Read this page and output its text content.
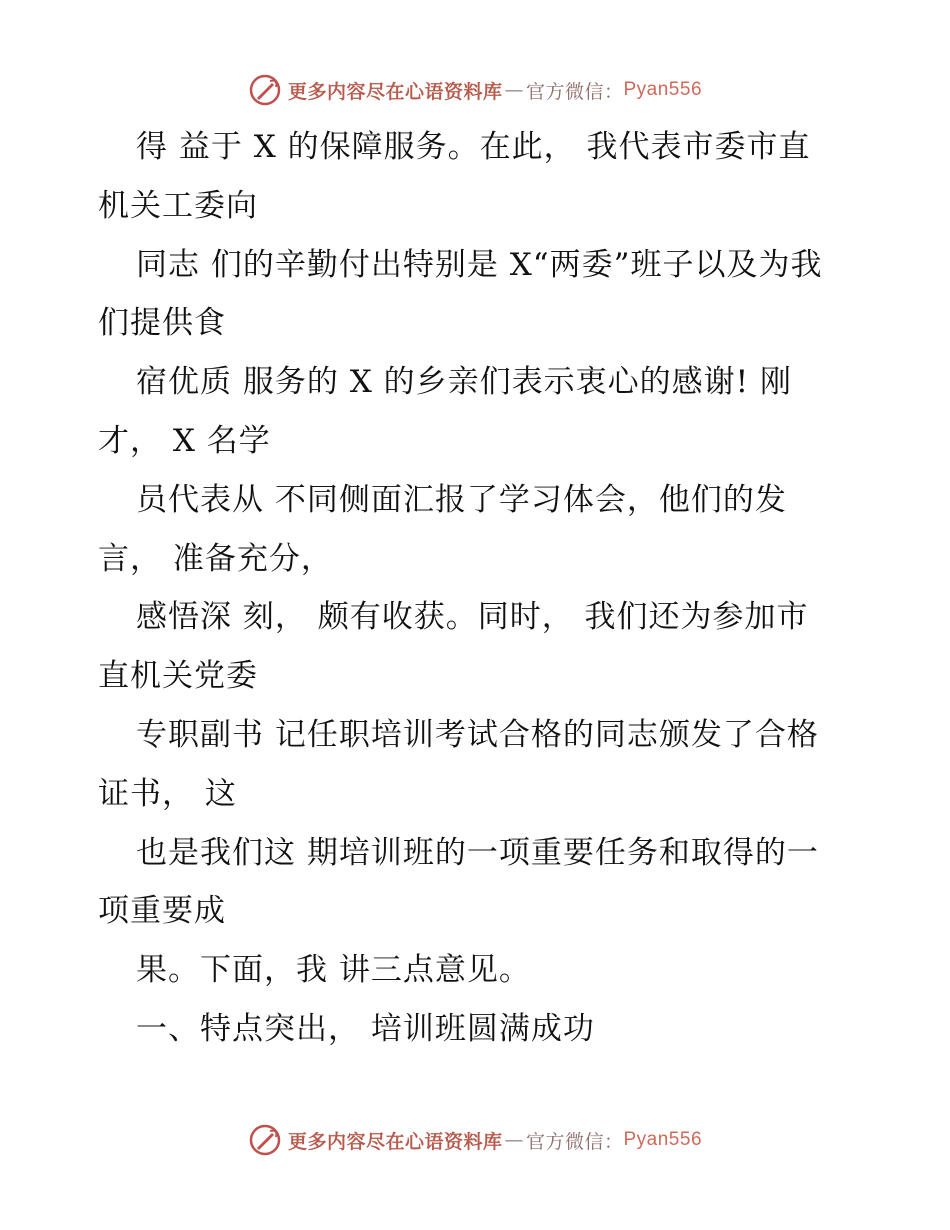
更多内容尽在心语资料库 — 官方微信： Pyan556

得 益于 X 的保障服务。在此， 我代表市委市直机关工委向

同志 们的辛勤付出特别是 X“两委”班子以及为我们提供食

宿优质 服务的 X 的乡亲们表示衷心的感谢! 刚才， X 名学

员代表从 不同侧面汇报了学习体会，他们的发言， 准备充分，

感悟深 刻， 颇有收获。同时， 我们还为参加市直机关党委

专职副书 记任职培训考试合格的同志颁发了合格证书， 这

也是我们这 期培训班的一项重要任务和取得的一项重要成

果。下面，我 讲三点意见。

一、特点突出， 培训班圆满成功

更多内容尽在心语资料库 — 官方微信： Pyan556
